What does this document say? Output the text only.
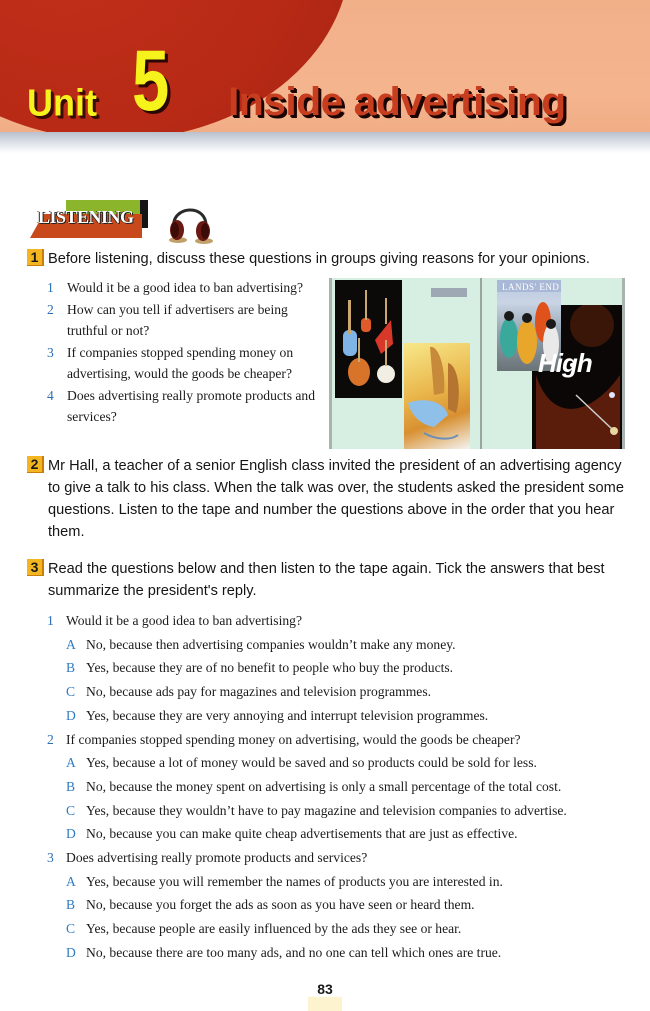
Unit 5 Inside advertising
LISTENING
1 Before listening, discuss these questions in groups giving reasons for your opinions.
1 Would it be a good idea to ban advertising?
2 How can you tell if advertisers are being truthful or not?
3 If companies stopped spending money on advertising, would the goods be cheaper?
4 Does advertising really promote products and services?
LANDS' END
High
2 Mr Hall, a teacher of a senior English class invited the president of an advertising agency to give a talk to his class. When the talk was over, the students asked the president some questions. Listen to the tape and number the questions above in the order that you hear them.
3 Read the questions below and then listen to the tape again. Tick the answers that best summarize the president's reply.
1 Would it be a good idea to ban advertising?
A No, because then advertising companies wouldn’t make any money.
B Yes, because they are of no benefit to people who buy the products.
C No, because ads pay for magazines and television programmes.
D Yes, because they are very annoying and interrupt television programmes.
2 If companies stopped spending money on advertising, would the goods be cheaper?
A Yes, because a lot of money would be saved and so products could be sold for less.
B No, because the money spent on advertising is only a small percentage of the total cost.
C Yes, because they wouldn’t have to pay magazine and television companies to advertise.
D No, because you can make quite cheap advertisements that are just as effective.
3 Does advertising really promote products and services?
A Yes, because you will remember the names of products you are interested in.
B No, because you forget the ads as soon as you have seen or heard them.
C Yes, because people are easily influenced by the ads they see or hear.
D No, because there are too many ads, and no one can tell which ones are true.
83
